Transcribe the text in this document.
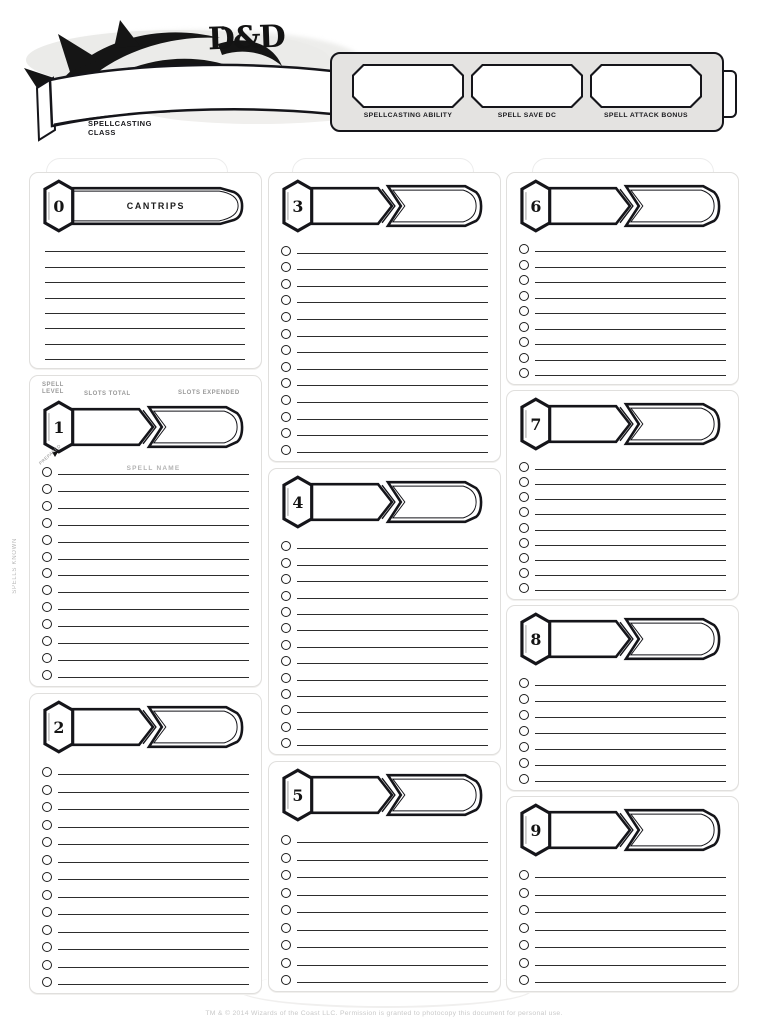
D&D
SPELLCASTING CLASS
SPELLCASTING ABILITY	SPELL SAVE DC	SPELL ATTACK BONUS
CANTRIPS
0
SPELL LEVEL	SLOTS TOTAL	SLOTS EXPENDED
1
PREPARED
SPELL NAME
2
3
4
5
6
7
8
9
SPELLS KNOWN
TM & © 2014 Wizards of the Coast LLC. Permission is granted to photocopy this document for personal use.
